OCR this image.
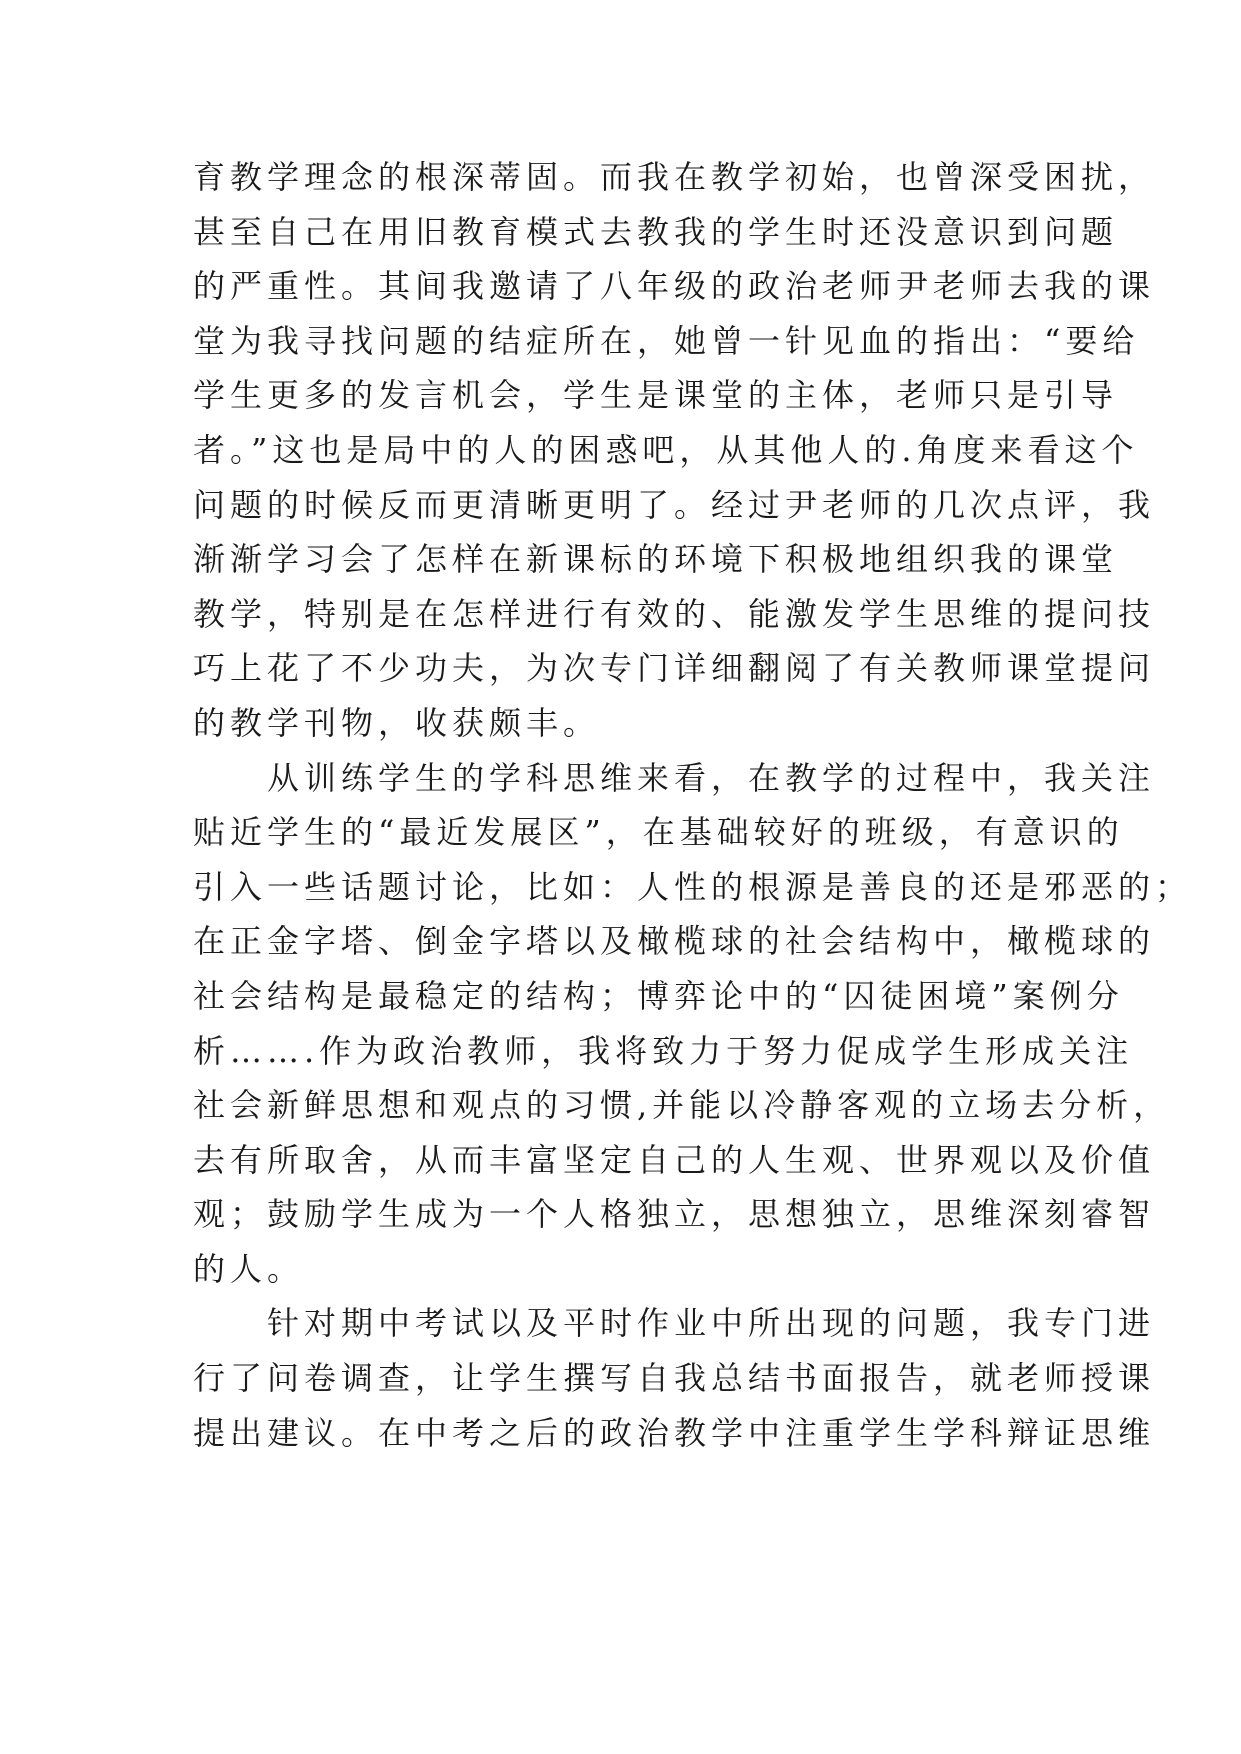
育教学理念的根深蒂固。而我在教学初始，也曾深受困扰，
甚至自己在用旧教育模式去教我的学生时还没意识到问题
的严重性。其间我邀请了八年级的政治老师尹老师去我的课
堂为我寻找问题的结症所在，她曾一针见血的指出：“要给
学生更多的发言机会，学生是课堂的主体，老师只是引导
者。”这也是局中的人的困惑吧，从其他人的.角度来看这个
问题的时候反而更清晰更明了。经过尹老师的几次点评，我
渐渐学习会了怎样在新课标的环境下积极地组织我的课堂
教学，特别是在怎样进行有效的、能激发学生思维的提问技
巧上花了不少功夫，为次专门详细翻阅了有关教师课堂提问
的教学刊物，收获颇丰。
　　从训练学生的学科思维来看，在教学的过程中，我关注
贴近学生的“最近发展区”，在基础较好的班级，有意识的
引入一些话题讨论，比如：人性的根源是善良的还是邪恶的；
在正金字塔、倒金字塔以及橄榄球的社会结构中，橄榄球的
社会结构是最稳定的结构；博弈论中的“囚徒困境”案例分
析…….作为政治教师，我将致力于努力促成学生形成关注
社会新鲜思想和观点的习惯,并能以冷静客观的立场去分析，
去有所取舍，从而丰富坚定自己的人生观、世界观以及价值
观；鼓励学生成为一个人格独立，思想独立，思维深刻睿智
的人。
　　针对期中考试以及平时作业中所出现的问题，我专门进
行了问卷调查，让学生撰写自我总结书面报告，就老师授课
提出建议。在中考之后的政治教学中注重学生学科辩证思维
